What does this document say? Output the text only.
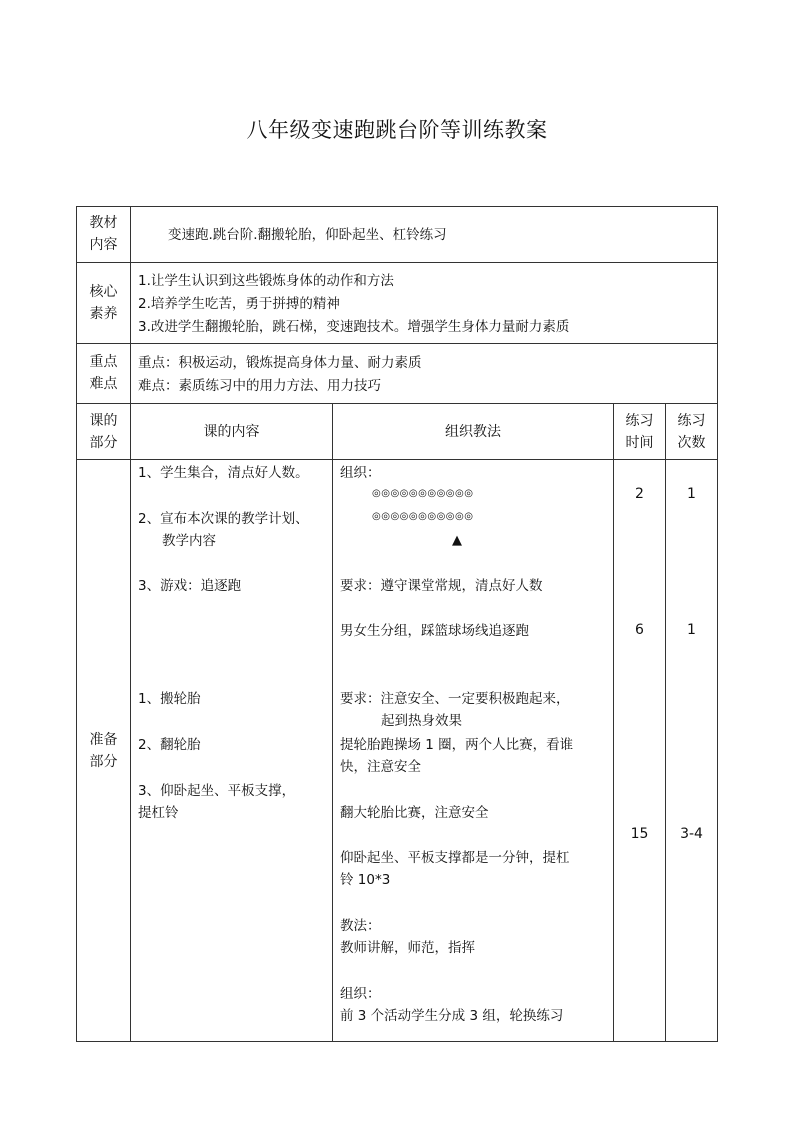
八年级变速跑跳台阶等训练教案
教材
内容
变速跑.跳台阶.翻搬轮胎，仰卧起坐、杠铃练习
核心
素养
1.让学生认识到这些锻炼身体的动作和方法
2.培养学生吃苦，勇于拼搏的精神
3.改进学生翻搬轮胎，跳石梯，变速跑技术。增强学生身体力量耐力素质
重点
难点
重点：积极运动，锻炼提高身体力量、耐力素质
难点：素质练习中的用力方法、用力技巧
课的
部分
课的内容	组织教法
练习
时间
练习
次数
准备
部分
1、学生集合，清点好人数。
2、宣布本次课的教学计划、
教学内容
3、游戏：追逐跑
1、搬轮胎
2、翻轮胎
3、仰卧起坐、平板支撑，
提杠铃
组织：
◎◎◎◎◎◎◎◎◎◎◎
◎◎◎◎◎◎◎◎◎◎◎
▲
要求：遵守课堂常规，清点好人数
男女生分组，踩篮球场线追逐跑
要求：注意安全、一定要积极跑起来，
起到热身效果
提轮胎跑操场 1 圈，两个人比赛，看谁
快，注意安全
翻大轮胎比赛，注意安全
仰卧起坐、平板支撑都是一分钟，提杠
铃 10*3
教法：
教师讲解，师范，指挥
组织：
前 3 个活动学生分成 3 组，轮换练习
2
6
15
1
1
3-4
